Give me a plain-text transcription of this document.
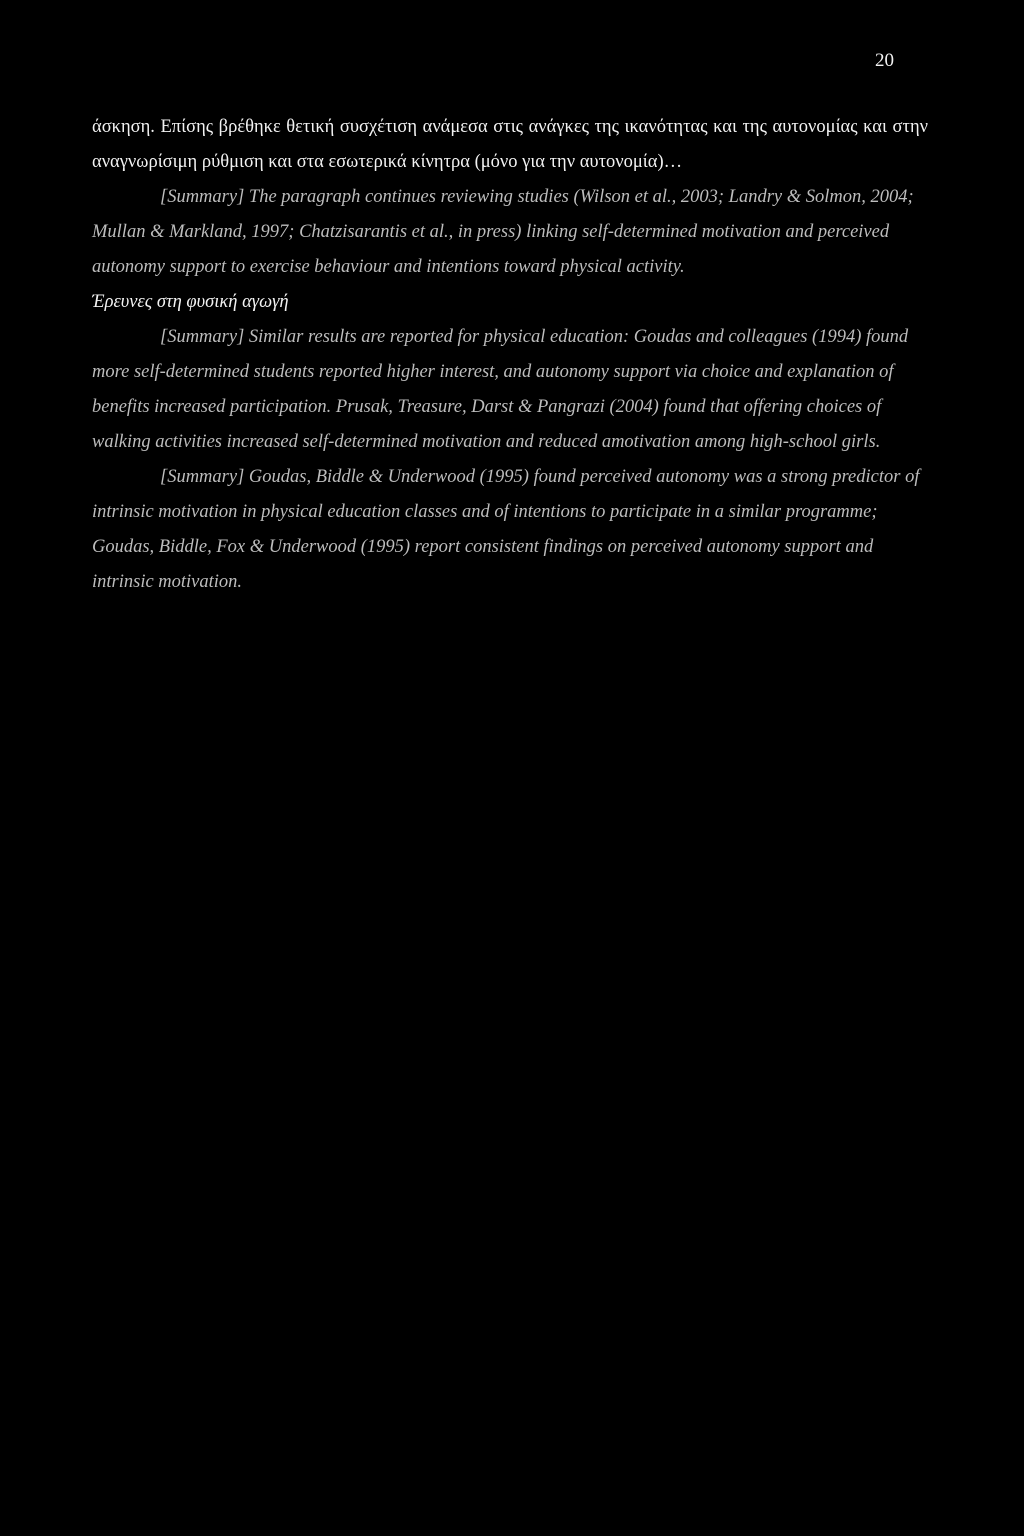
20

άσκηση. Επίσης βρέθηκε θετική συσχέτιση ανάμεσα στις ανάγκες της ικανότητας και της αυτονομίας και στην αναγνωρίσιμη ρύθμιση και στα εσωτερικά κίνητρα (μόνο για την αυτονομία)…

[Summary] The paragraph continues reviewing studies (Wilson et al., 2003; Landry & Solmon, 2004; Mullan & Markland, 1997; Chatzisarantis et al., in press) linking self-determined motivation and perceived autonomy support to exercise behaviour and intentions toward physical activity.

Έρευνες στη φυσική αγωγή

[Summary] Similar results are reported for physical education: Goudas and colleagues (1994) found more self-determined students reported higher interest, and autonomy support via choice and explanation of benefits increased participation. Prusak, Treasure, Darst & Pangrazi (2004) found that offering choices of walking activities increased self-determined motivation and reduced amotivation among high-school girls.

[Summary] Goudas, Biddle & Underwood (1995) found perceived autonomy was a strong predictor of intrinsic motivation in physical education classes and of intentions to participate in a similar programme; Goudas, Biddle, Fox & Underwood (1995) report consistent findings on perceived autonomy support and intrinsic motivation.
